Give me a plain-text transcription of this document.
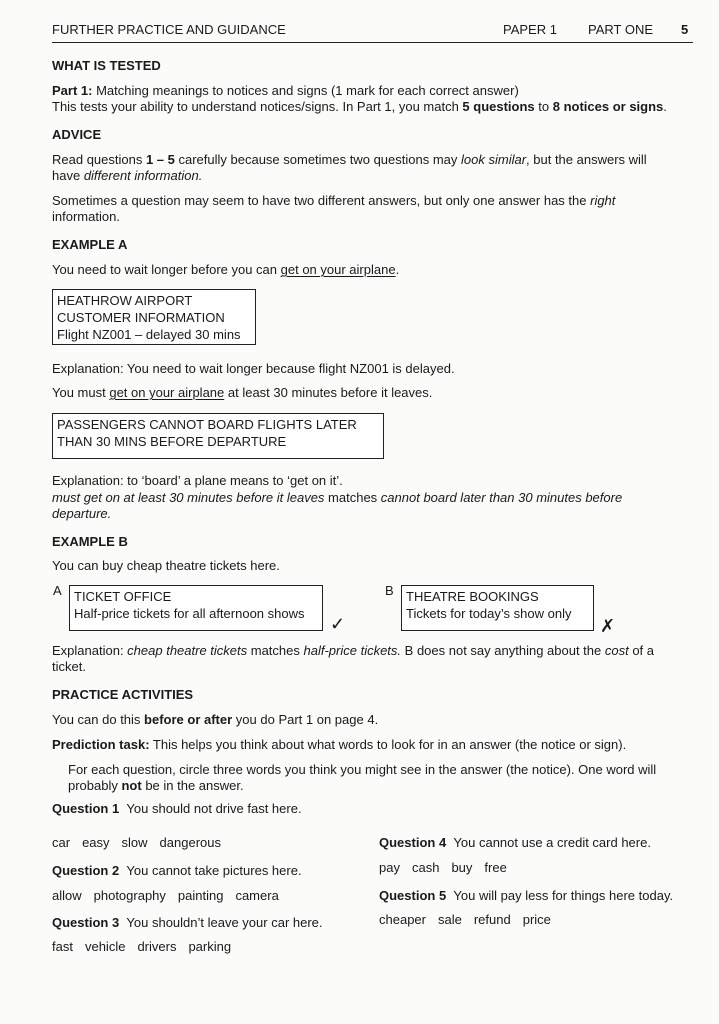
FURTHER PRACTICE AND GUIDANCE	PAPER 1 PART ONE 5
WHAT IS TESTED
Part 1: Matching meanings to notices and signs (1 mark for each correct answer)
This tests your ability to understand notices/signs. In Part 1, you match 5 questions to 8 notices or signs.
ADVICE
Read questions 1 – 5 carefully because sometimes two questions may look similar, but the answers will
have different information.
Sometimes a question may seem to have two different answers, but only one answer has the right
information.
EXAMPLE A
You need to wait longer before you can get on your airplane.
HEATHROW AIRPORT
CUSTOMER INFORMATION
Flight NZ001 – delayed 30 mins
Explanation: You need to wait longer because flight NZ001 is delayed.
You must get on your airplane at least 30 minutes before it leaves.
PASSENGERS CANNOT BOARD FLIGHTS LATER
THAN 30 MINS BEFORE DEPARTURE
Explanation: to ‘board’ a plane means to ‘get on it’.
must get on at least 30 minutes before it leaves matches cannot board later than 30 minutes before
departure.
EXAMPLE B
You can buy cheap theatre tickets here.
A TICKET OFFICE
Half-price tickets for all afternoon shows
✓
B THEATRE BOOKINGS
Tickets for today’s show only
✗
Explanation: cheap theatre tickets matches half-price tickets. B does not say anything about the cost of a
ticket.
PRACTICE ACTIVITIES
You can do this before or after you do Part 1 on page 4.
Prediction task: This helps you think about what words to look for in an answer (the notice or sign).
For each question, circle three words you think you might see in the answer (the notice). One word will
probably not be in the answer.
Question 1 You should not drive fast here.
car easy slow dangerous
Question 2 You cannot take pictures here.
allow photography painting camera
Question 3 You shouldn’t leave your car here.
fast vehicle drivers parking
Question 4 You cannot use a credit card here.
pay cash buy free
Question 5 You will pay less for things here today.
cheaper sale refund price
